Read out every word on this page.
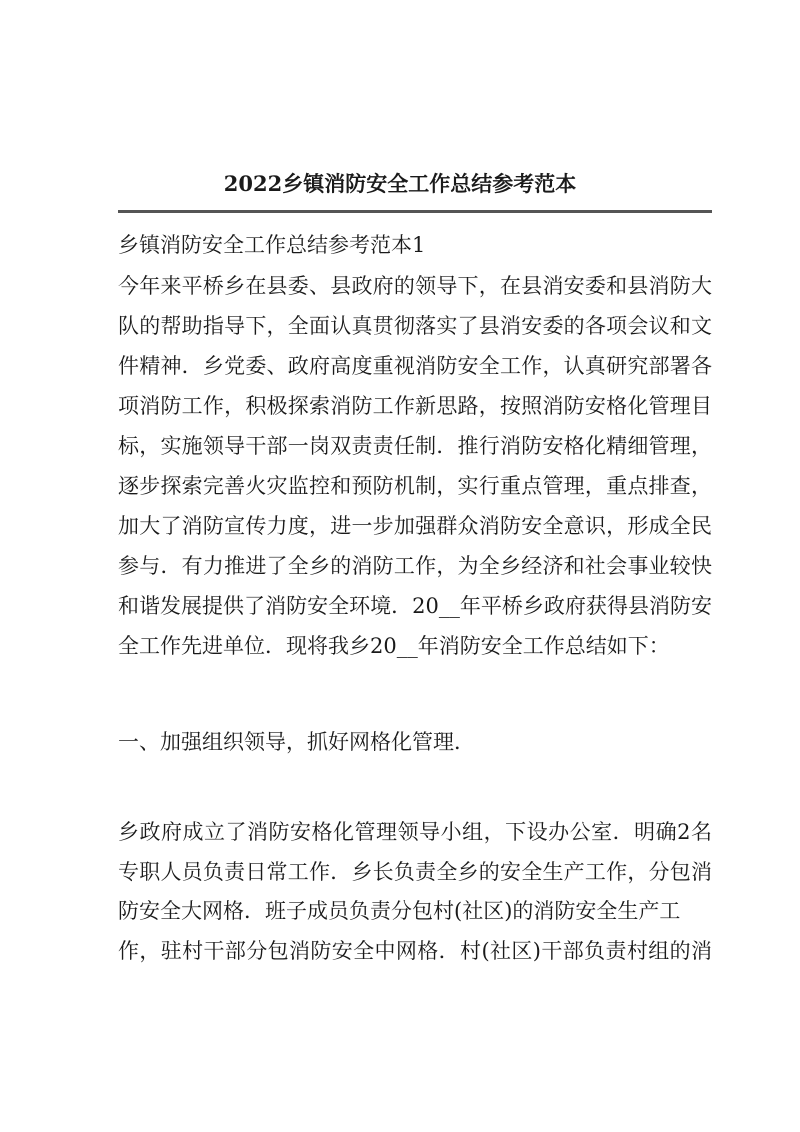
2022乡镇消防安全工作总结参考范本
乡镇消防安全工作总结参考范本1
今年来平桥乡在县委、县政府的领导下，在县消安委和县消防大
队的帮助指导下，全面认真贯彻落实了县消安委的各项会议和文
件精神．乡党委、政府高度重视消防安全工作，认真研究部署各
项消防工作，积极探索消防工作新思路，按照消防安格化管理目
标，实施领导干部一岗双责责任制．推行消防安格化精细管理，
逐步探索完善火灾监控和预防机制，实行重点管理，重点排查，
加大了消防宣传力度，进一步加强群众消防安全意识，形成全民
参与．有力推进了全乡的消防工作，为全乡经济和社会事业较快
和谐发展提供了消防安全环境．20__年平桥乡政府获得县消防安
全工作先进单位．现将我乡20__年消防安全工作总结如下：
一、加强组织领导，抓好网格化管理．
乡政府成立了消防安格化管理领导小组，下设办公室．明确2名
专职人员负责日常工作．乡长负责全乡的安全生产工作，分包消
防安全大网格．班子成员负责分包村(社区)的消防安全生产工
作，驻村干部分包消防安全中网格．村(社区)干部负责村组的消
